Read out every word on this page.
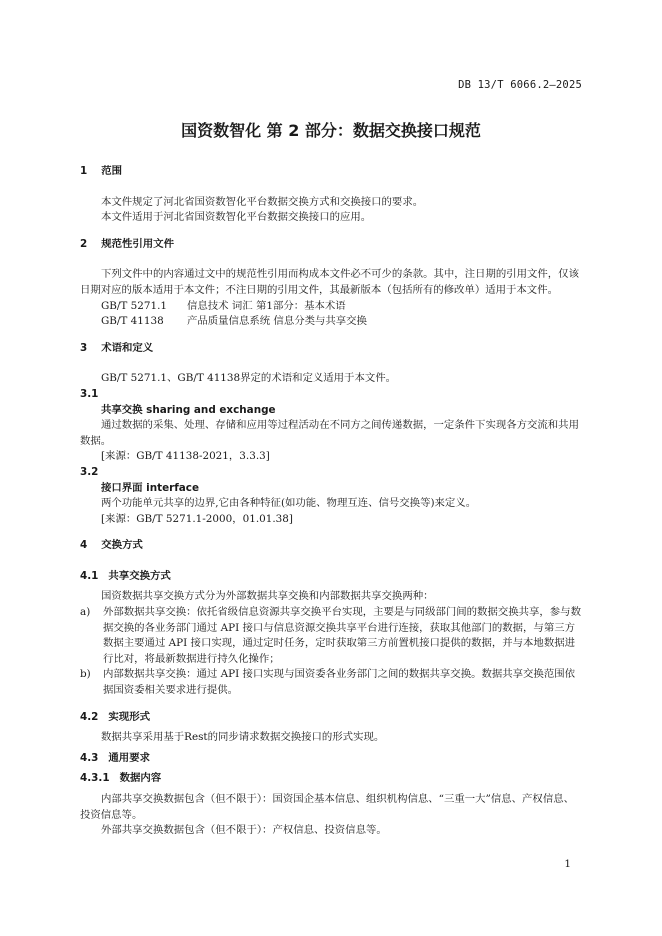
DB 13/T 6066.2—2025
国资数智化 第 2 部分：数据交换接口规范
1 范围

本文件规定了河北省国资数智化平台数据交换方式和交换接口的要求。

本文件适用于河北省国资数智化平台数据交换接口的应用。

2 规范性引用文件

下列文件中的内容通过文中的规范性引用而构成本文件必不可少的条款。其中，注日期的引用文件，仅该日期对应的版本适用于本文件；不注日期的引用文件，其最新版本（包括所有的修改单）适用于本文件。

GB/T 5271.1	信息技术 词汇 第1部分：基本术语
GB/T 41138	产品质量信息系统 信息分类与共享交换
3 术语和定义

GB/T 5271.1、GB/T 41138界定的术语和定义适用于本文件。

3.1
共享交换 sharing and exchange

通过数据的采集、处理、存储和应用等过程活动在不同方之间传递数据，一定条件下实现各方交流和共用数据。

[来源：GB/T 41138-2021，3.3.3]

3.2
接口界面 interface

两个功能单元共享的边界,它由各种特征(如功能、物理互连、信号交换等)来定义。

[来源：GB/T 5271.1-2000，01.01.38]

4 交换方式
4.1 共享交换方式

国资数据共享交换方式分为外部数据共享交换和内部数据共享交换两种：

a)	外部数据共享交换：依托省级信息资源共享交换平台实现，主要是与同级部门间的数据交换共享，参与数据交换的各业务部门通过 API 接口与信息资源交换共享平台进行连接，获取其他部门的数据，与第三方数据主要通过 API 接口实现，通过定时任务，定时获取第三方前置机接口提供的数据，并与本地数据进行比对，将最新数据进行持久化操作；
b)	内部数据共享交换：通过 API 接口实现与国资委各业务部门之间的数据共享交换。数据共享交换范围依据国资委相关要求进行提供。
4.2 实现形式

数据共享采用基于Rest的同步请求数据交换接口的形式实现。

4.3 通用要求
4.3.1 数据内容

内部共享交换数据包含（但不限于）：国资国企基本信息、组织机构信息、“三重一大”信息、产权信息、投资信息等。

外部共享交换数据包含（但不限于）：产权信息、投资信息等。

1
